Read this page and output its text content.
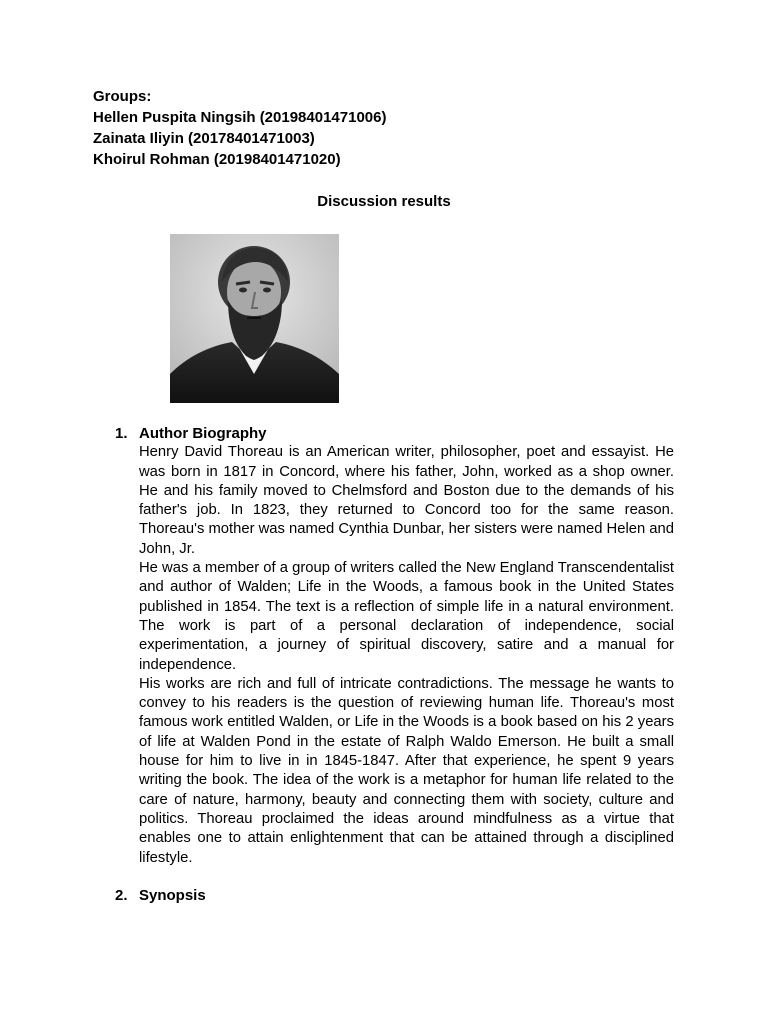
Groups:
Hellen Puspita Ningsih (20198401471006)
Zainata Iliyin (20178401471003)
Khoirul Rohman (20198401471020)
Discussion results
1. Author Biography

Henry David Thoreau is an American writer, philosopher, poet and essayist. He was born in 1817 in Concord, where his father, John, worked as a shop owner. He and his family moved to Chelmsford and Boston due to the demands of his father's job. In 1823, they returned to Concord too for the same reason. Thoreau's mother was named Cynthia Dunbar, her sisters were named Helen and John, Jr.

He was a member of a group of writers called the New England Transcendentalist and author of Walden; Life in the Woods, a famous book in the United States published in 1854. The text is a reflection of simple life in a natural environment. The work is part of a personal declaration of independence, social experimentation, a journey of spiritual discovery, satire and a manual for independence.

His works are rich and full of intricate contradictions. The message he wants to convey to his readers is the question of reviewing human life. Thoreau's most famous work entitled Walden, or Life in the Woods is a book based on his 2 years of life at Walden Pond in the estate of Ralph Waldo Emerson. He built a small house for him to live in in 1845-1847. After that experience, he spent 9 years writing the book. The idea of the work is a metaphor for human life related to the care of nature, harmony, beauty and connecting them with society, culture and politics. Thoreau proclaimed the ideas around mindfulness as a virtue that enables one to attain enlightenment that can be attained through a disciplined lifestyle.

2. Synopsis
